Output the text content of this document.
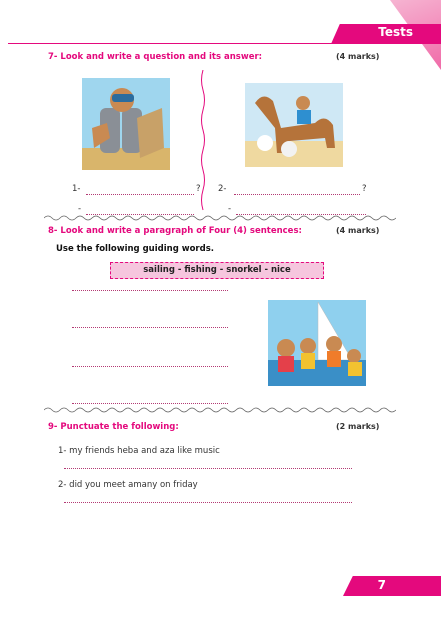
Tests
7- Look and write a question and its answer:	(4 marks)
1-	? 2-	?
-	-
8- Look and write a paragraph of Four (4) sentences:	(4 marks)
Use the following guiding words.
sailing - fishing - snorkel - nice
9- Punctuate the following:	(2 marks)
1- my friends heba and aza like music
2- did you meet amany on friday
7
